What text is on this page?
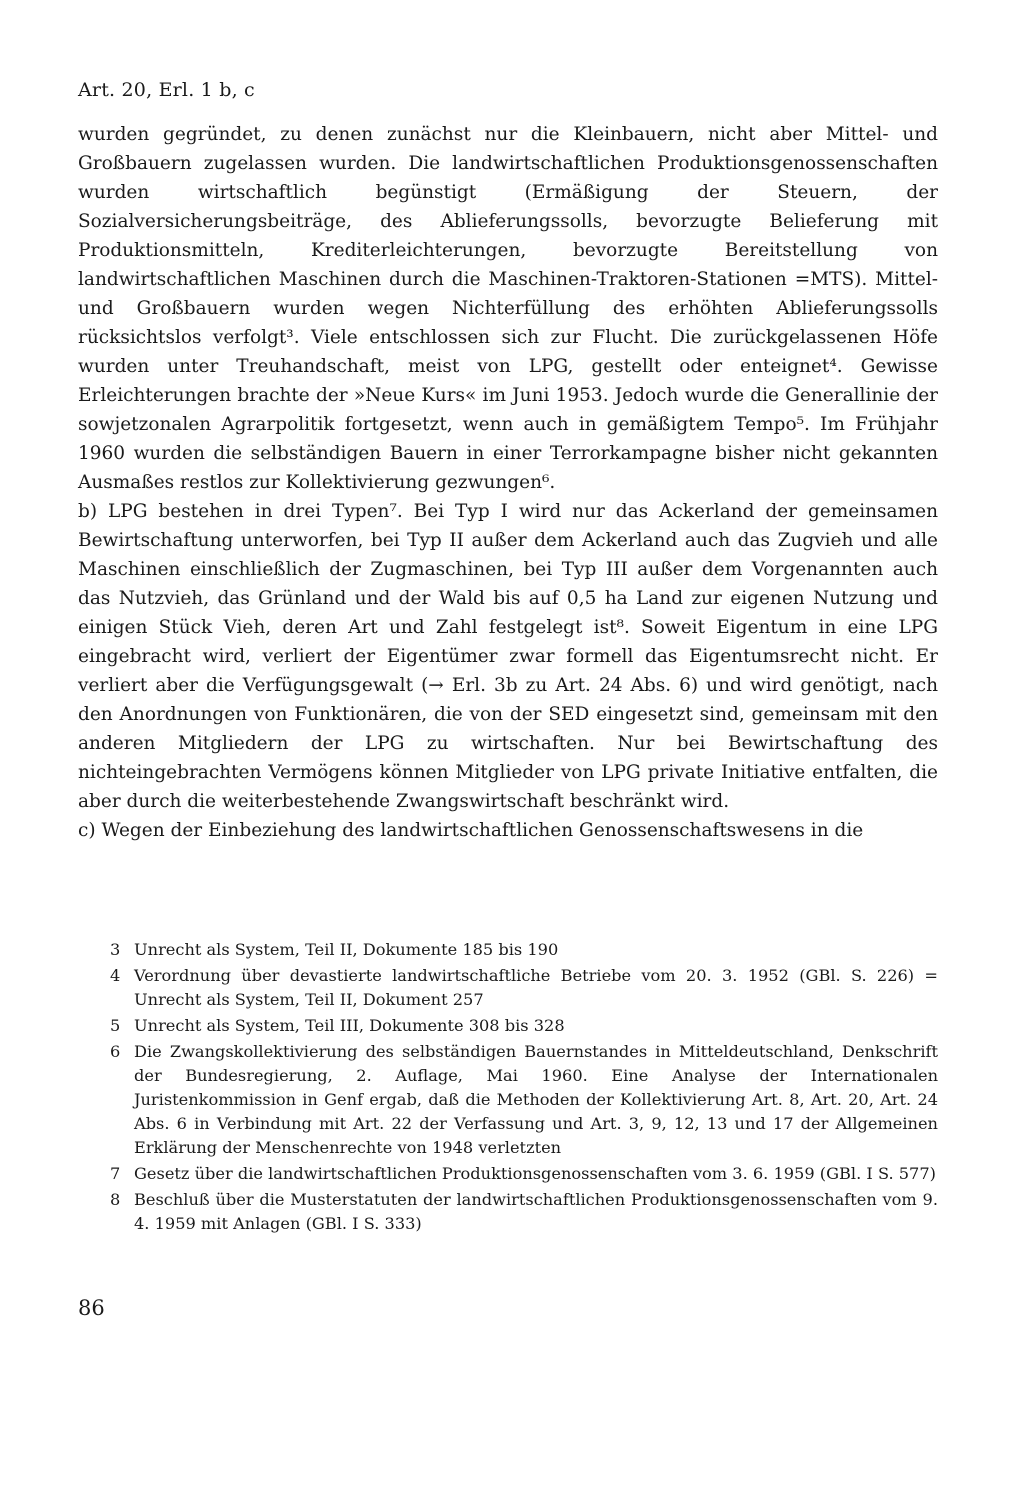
Art. 20, Erl. 1 b, c

wurden gegründet, zu denen zunächst nur die Kleinbauern, nicht aber Mittel- und Großbauern zugelassen wurden. Die landwirtschaftlichen Produktionsgenossenschaften wurden wirtschaftlich begünstigt (Ermäßigung der Steuern, der Sozialversicherungsbeiträge, des Ablieferungssolls, bevorzugte Belieferung mit Produktionsmitteln, Krediterleichterungen, bevorzugte Bereitstellung von landwirtschaftlichen Maschinen durch die Maschinen-Traktoren-Stationen =MTS). Mittel- und Großbauern wurden wegen Nichterfüllung des erhöhten Ablieferungssolls rücksichtslos verfolgt³. Viele entschlossen sich zur Flucht. Die zurückgelassenen Höfe wurden unter Treuhandschaft, meist von LPG, gestellt oder enteignet⁴. Gewisse Erleichterungen brachte der »Neue Kurs« im Juni 1953. Jedoch wurde die Generallinie der sowjetzonalen Agrarpolitik fortgesetzt, wenn auch in gemäßigtem Tempo⁵. Im Frühjahr 1960 wurden die selbständigen Bauern in einer Terrorkampagne bisher nicht gekannten Ausmaßes restlos zur Kollektivierung gezwungen⁶.

b) LPG bestehen in drei Typen⁷. Bei Typ I wird nur das Ackerland der gemeinsamen Bewirtschaftung unterworfen, bei Typ II außer dem Ackerland auch das Zugvieh und alle Maschinen einschließlich der Zugmaschinen, bei Typ III außer dem Vorgenannten auch das Nutzvieh, das Grünland und der Wald bis auf 0,5 ha Land zur eigenen Nutzung und einigen Stück Vieh, deren Art und Zahl festgelegt ist⁸. Soweit Eigentum in eine LPG eingebracht wird, verliert der Eigentümer zwar formell das Eigentumsrecht nicht. Er verliert aber die Verfügungsgewalt (→ Erl. 3b zu Art. 24 Abs. 6) und wird genötigt, nach den Anordnungen von Funktionären, die von der SED eingesetzt sind, gemeinsam mit den anderen Mitgliedern der LPG zu wirtschaften. Nur bei Bewirtschaftung des nichteingebrachten Vermögens können Mitglieder von LPG private Initiative entfalten, die aber durch die weiterbestehende Zwangswirtschaft beschränkt wird.

c) Wegen der Einbeziehung des landwirtschaftlichen Genossenschaftswesens in die

3 Unrecht als System, Teil II, Dokumente 185 bis 190
4 Verordnung über devastierte landwirtschaftliche Betriebe vom 20. 3. 1952 (GBl. S. 226) = Unrecht als System, Teil II, Dokument 257
5 Unrecht als System, Teil III, Dokumente 308 bis 328
6 Die Zwangskollektivierung des selbständigen Bauernstandes in Mitteldeutschland, Denkschrift der Bundesregierung, 2. Auflage, Mai 1960. Eine Analyse der Internationalen Juristenkommission in Genf ergab, daß die Methoden der Kollektivierung Art. 8, Art. 20, Art. 24 Abs. 6 in Verbindung mit Art. 22 der Verfassung und Art. 3, 9, 12, 13 und 17 der Allgemeinen Erklärung der Menschenrechte von 1948 verletzten
7 Gesetz über die landwirtschaftlichen Produktionsgenossenschaften vom 3. 6. 1959 (GBl. I S. 577)
8 Beschluß über die Musterstatuten der landwirtschaftlichen Produktionsgenossenschaften vom 9. 4. 1959 mit Anlagen (GBl. I S. 333)
86
